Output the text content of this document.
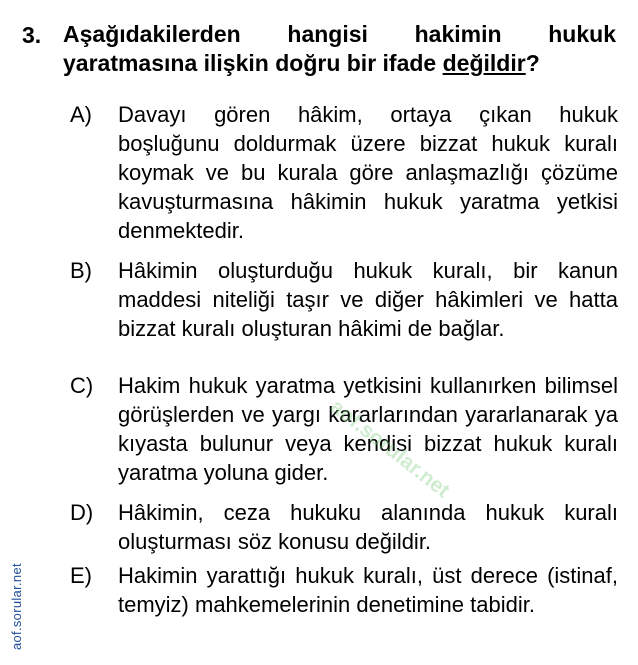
3. Aşağıdakilerden hangisi hakimin hukuk yaratmasına ilişkin doğru bir ifade değildir?
A)	Davayı gören hâkim, ortaya çıkan hukuk boşluğunu doldurmak üzere bizzat hukuk kuralı koymak ve bu kurala göre anlaşmazlığı çözüme kavuşturmasına hâkimin hukuk yaratma yetkisi denmektedir.
B)	Hâkimin oluşturduğu hukuk kuralı, bir kanun maddesi niteliği taşır ve diğer hâkimleri ve hatta bizzat kuralı oluşturan hâkimi de bağlar.
C)	Hakim hukuk yaratma yetkisini kullanırken bilimsel görüşlerden ve yargı kararlarından yararlanarak ya kıyasta bulunur veya kendisi bizzat hukuk kuralı yaratma yoluna gider.
D)	Hâkimin, ceza hukuku alanında hukuk kuralı oluşturması söz konusu değildir.
E)	Hakimin yarattığı hukuk kuralı, üst derece (istinaf, temyiz) mahkemelerinin denetimine tabidir.
aof.sorular.net
aof.sorular.net
